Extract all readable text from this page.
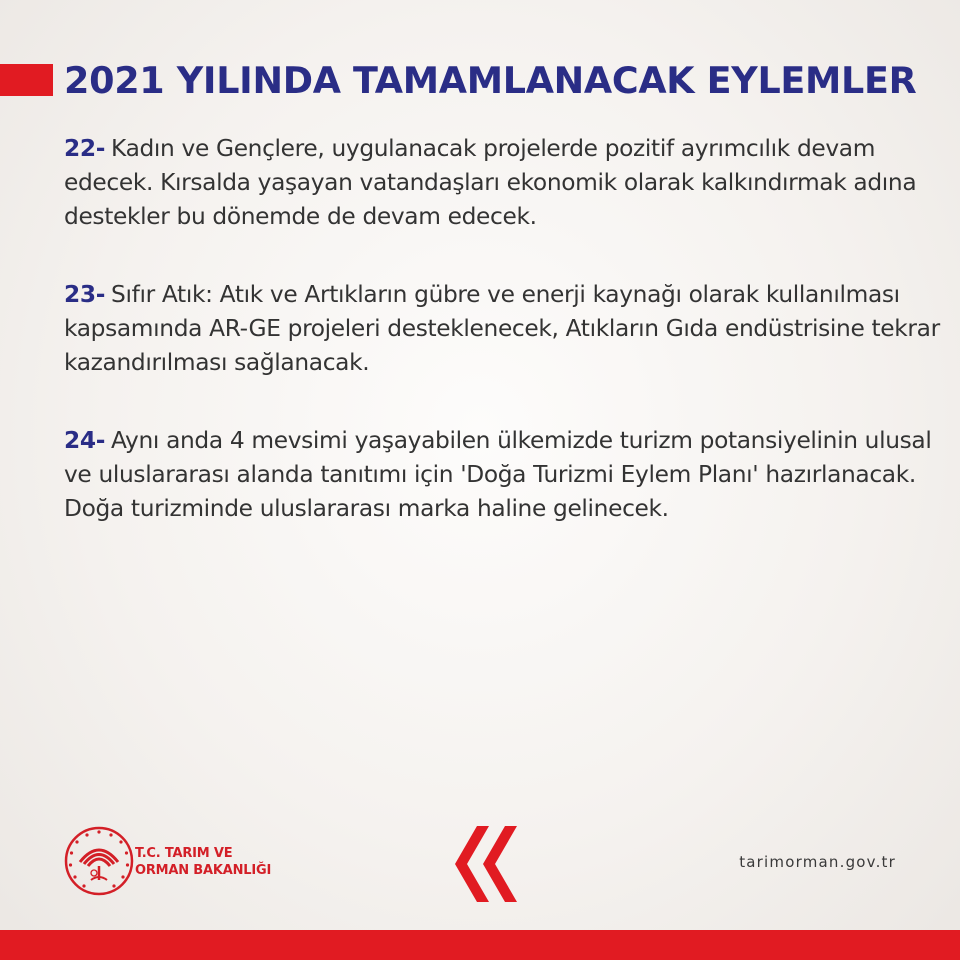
2021 YILINDA TAMAMLANACAK EYLEMLER

22- Kadın ve Gençlere, uygulanacak projelerde pozitif ayrımcılık devam edecek. Kırsalda yaşayan vatandaşları ekonomik olarak kalkındırmak adına destekler bu dönemde de devam edecek.

23- Sıfır Atık: Atık ve Artıkların gübre ve enerji kaynağı olarak kullanılması kapsamında AR-GE projeleri desteklenecek, Atıkların Gıda endüstrisine tekrar kazandırılması sağlanacak.

24- Aynı anda 4 mevsimi yaşayabilen ülkemizde turizm potansiyelinin ulusal ve uluslararası alanda tanıtımı için 'Doğa Turizmi Eylem Planı' hazırlanacak. Doğa turizminde uluslararası marka haline gelinecek.

T.C. TARIM VE
ORMAN BAKANLIĞI	tarimorman.gov.tr
